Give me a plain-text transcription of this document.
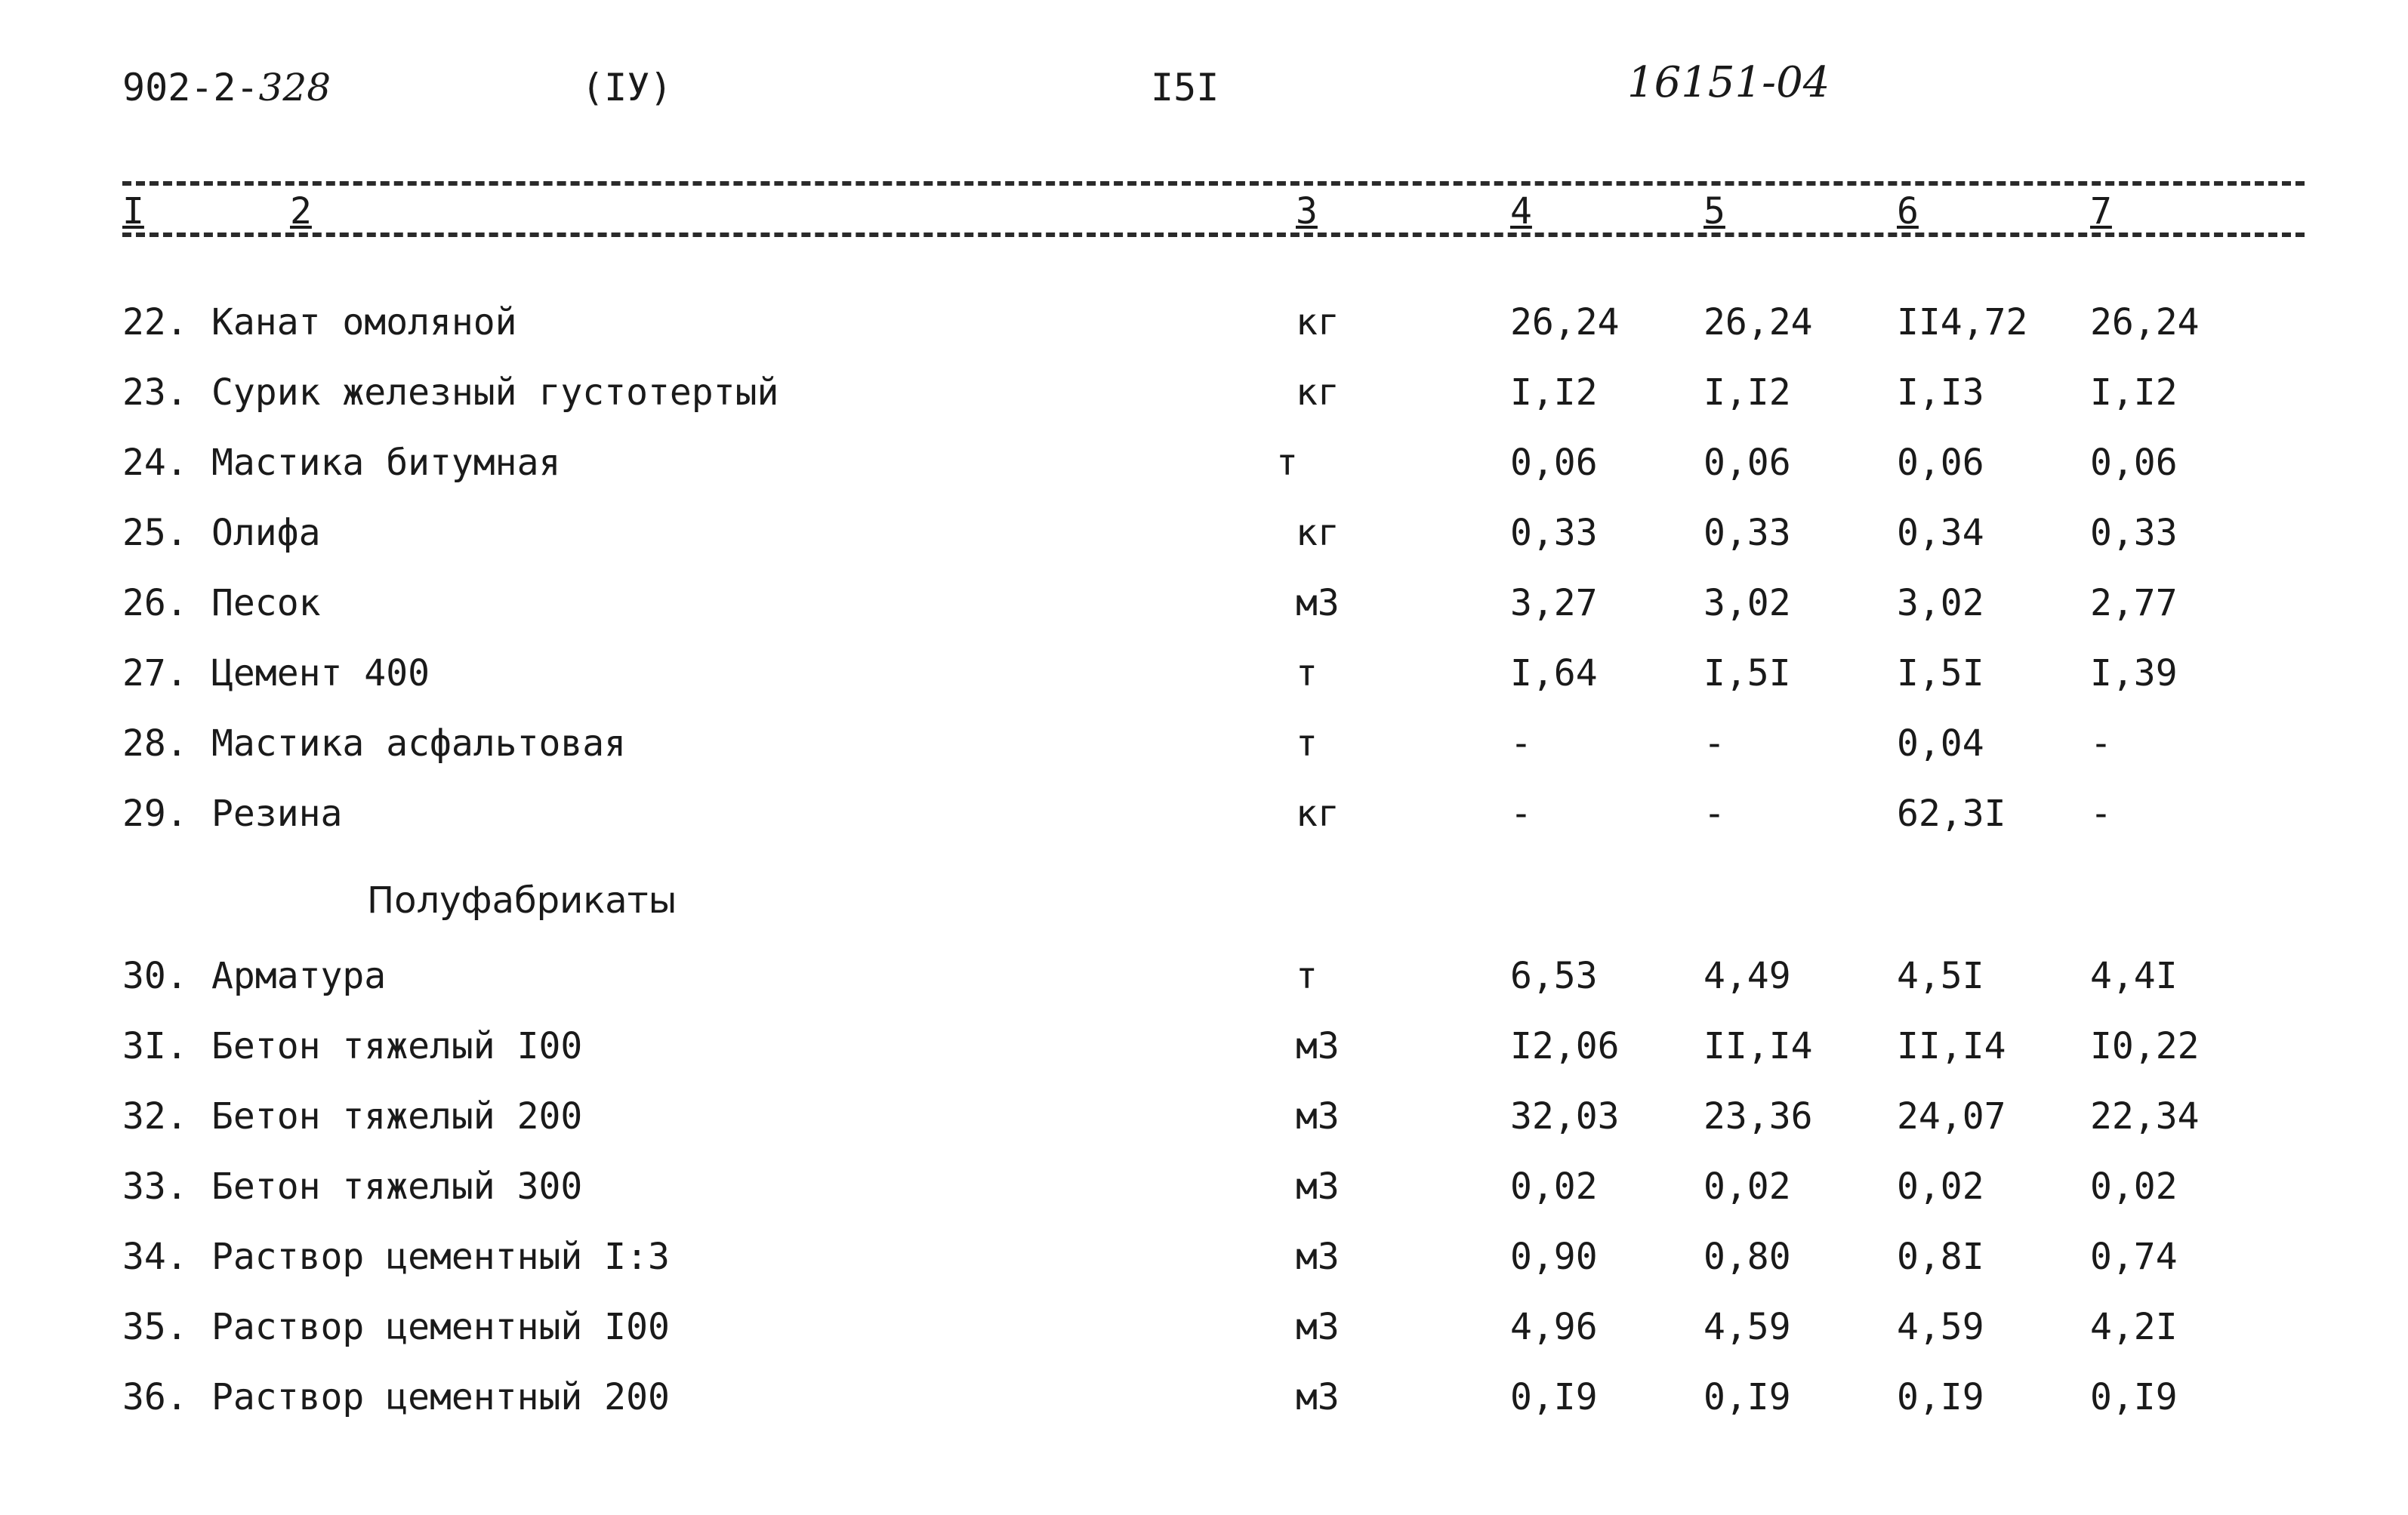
902-2-328	(IУ)	I5I	16151-04
I	2	3	4	5	6	7
22. Канат омоляной	кг	26,24 26,24 II4,72 26,24
23. Сурик железный густотертый	кг	I,I2	I,I2	I,I3	I,I2
24. Мастика битумная	т	0,06	0,06	0,06	0,06
25. Олифа	кг	0,33	0,33	0,34	0,33
26. Песок	м3	3,27	3,02	3,02	2,77
27. Цемент 400	т	I,64	I,5I	I,5I	I,39
28. Мастика асфальтовая	т	-	-	0,04	-
29. Резина	кг	-	-	62,3I -
Полуфабрикаты
30. Арматура	т	6,53	4,49	4,5I	4,4I
3I. Бетон тяжелый I00	м3	I2,06 II,I4 II,I4 I0,22
32. Бетон тяжелый 200	м3	32,03 23,36 24,07 22,34
33. Бетон тяжелый 300	м3	0,02	0,02	0,02	0,02
34. Раствор цементный I:3	м3	0,90	0,80	0,8I	0,74
35. Раствор цементный I00	м3	4,96	4,59	4,59	4,2I
36. Раствор цементный 200	м3	0,I9	0,I9	0,I9	0,I9
